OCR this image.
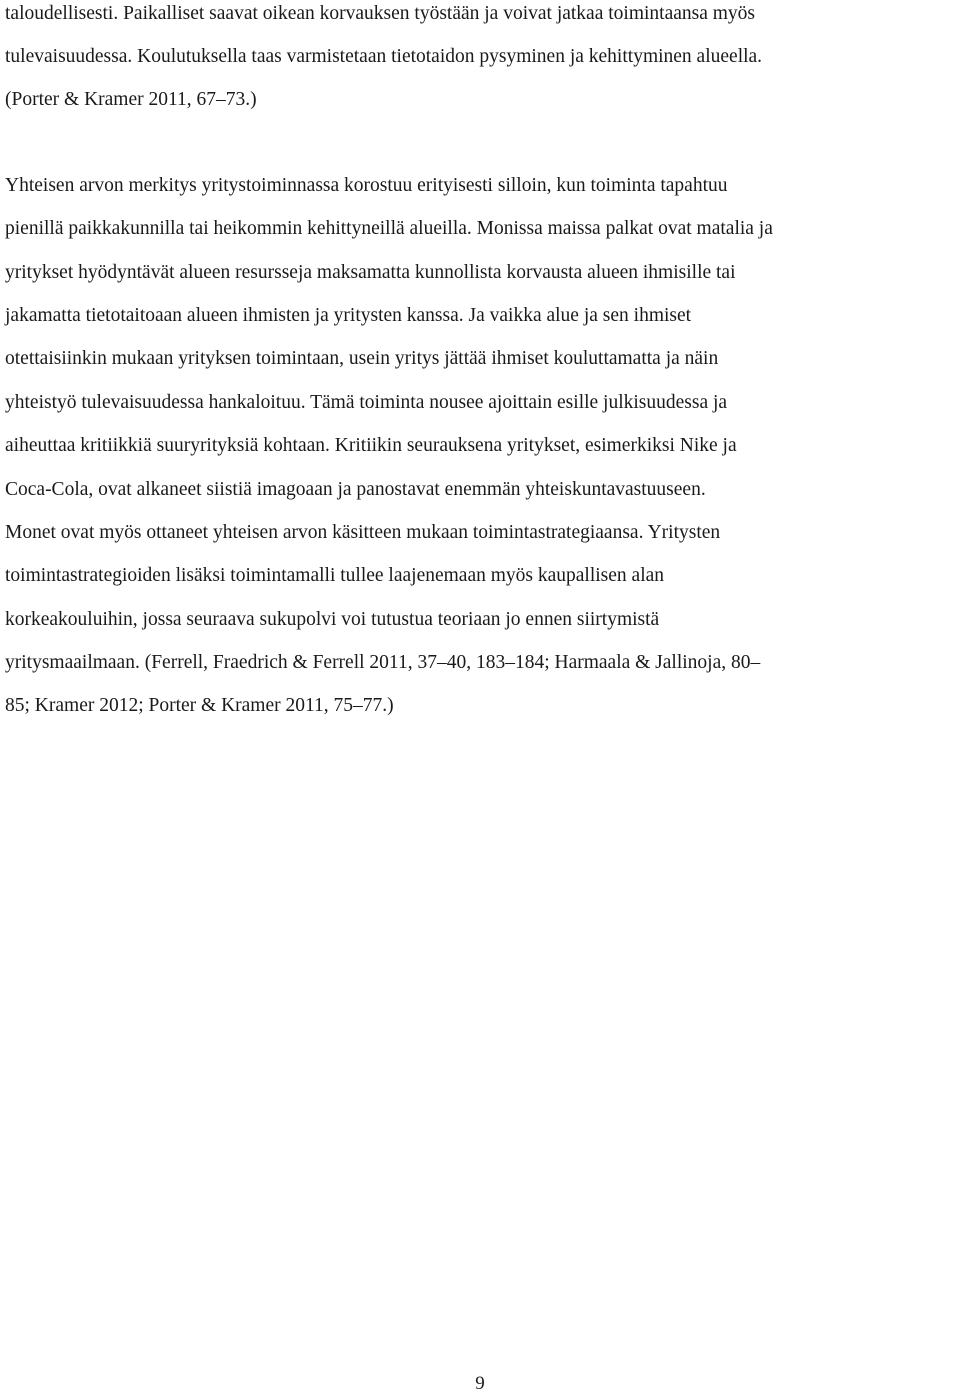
taloudellisesti. Paikalliset saavat oikean korvauksen työstään ja voivat jatkaa toimintaansa myös
tulevaisuudessa. Koulutuksella taas varmistetaan tietotaidon pysyminen ja kehittyminen alueella.
(Porter & Kramer 2011, 67–73.)
Yhteisen arvon merkitys yritystoiminnassa korostuu erityisesti silloin, kun toiminta tapahtuu
pienillä paikkakunnilla tai heikommin kehittyneillä alueilla. Monissa maissa palkat ovat matalia ja
yritykset hyödyntävät alueen resursseja maksamatta kunnollista korvausta alueen ihmisille tai
jakamatta tietotaitoaan alueen ihmisten ja yritysten kanssa. Ja vaikka alue ja sen ihmiset
otettaisiinkin mukaan yrityksen toimintaan, usein yritys jättää ihmiset kouluttamatta ja näin
yhteistyö tulevaisuudessa hankaloituu. Tämä toiminta nousee ajoittain esille julkisuudessa ja
aiheuttaa kritiikkiä suuryrityksiä kohtaan. Kritiikin seurauksena yritykset, esimerkiksi Nike ja
Coca-Cola, ovat alkaneet siistiä imagoaan ja panostavat enemmän yhteiskuntavastuuseen.
Monet ovat myös ottaneet yhteisen arvon käsitteen mukaan toimintastrategiaansa. Yritysten
toimintastrategioiden lisäksi toimintamalli tullee laajenemaan myös kaupallisen alan
korkeakouluihin, jossa seuraava sukupolvi voi tutustua teoriaan jo ennen siirtymistä
yritysmaailmaan. (Ferrell, Fraedrich & Ferrell 2011, 37–40, 183–184; Harmaala & Jallinoja, 80–
85; Kramer 2012; Porter & Kramer 2011, 75–77.)
9
